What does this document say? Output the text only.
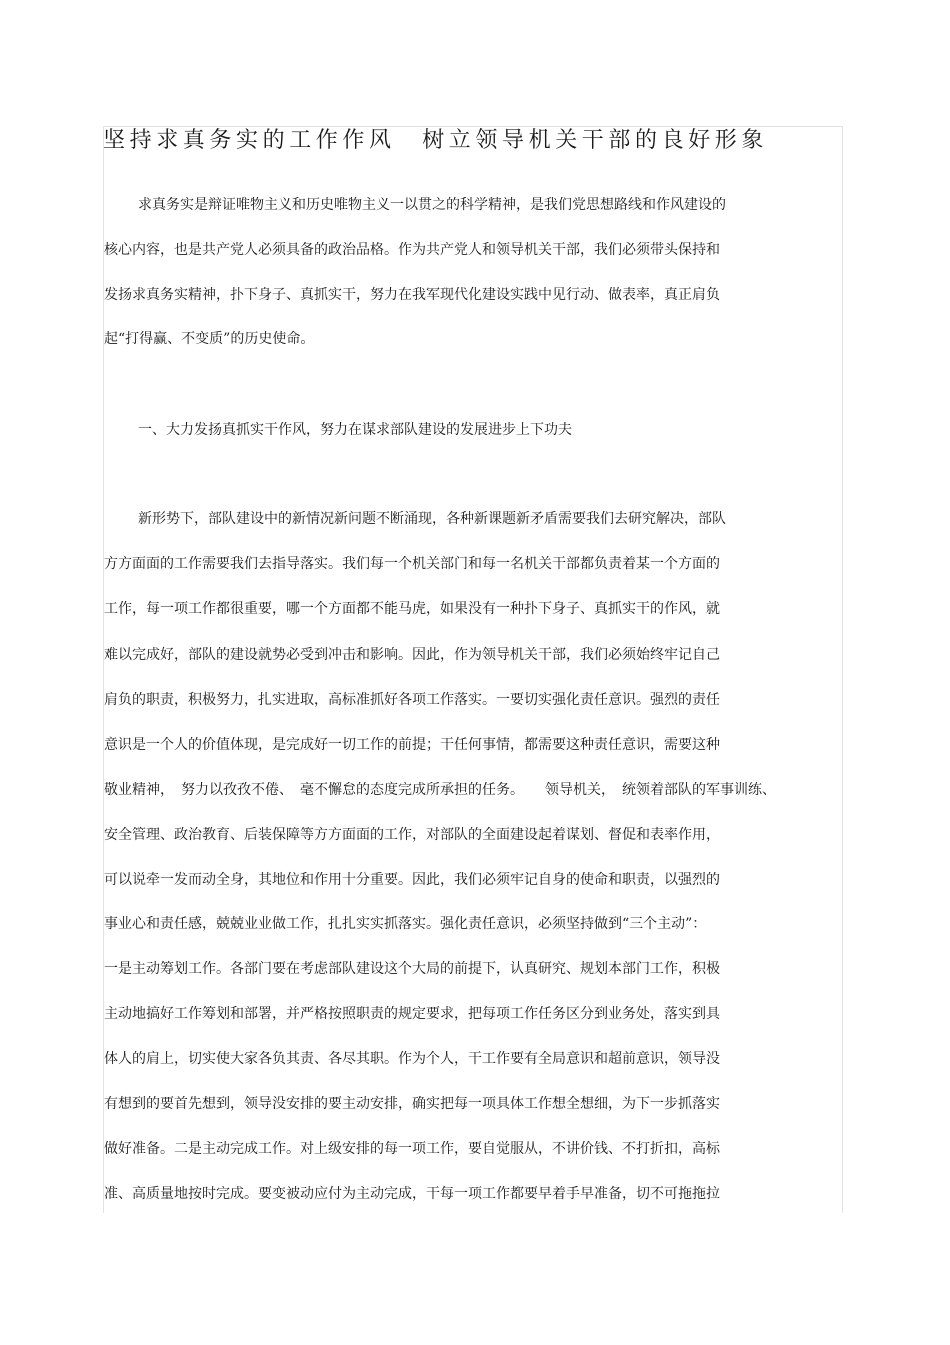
坚持求真务实的工作作风　树立领导机关干部的良好形象
求真务实是辩证唯物主义和历史唯物主义一以贯之的科学精神，是我们党思想路线和作风建设的
核心内容，也是共产党人必须具备的政治品格。作为共产党人和领导机关干部，我们必须带头保持和
发扬求真务实精神，扑下身子、真抓实干，努力在我军现代化建设实践中见行动、做表率，真正肩负
起“打得赢、不变质”的历史使命。
一、大力发扬真抓实干作风，努力在谋求部队建设的发展进步上下功夫
新形势下，部队建设中的新情况新问题不断涌现，各种新课题新矛盾需要我们去研究解决，部队
方方面面的工作需要我们去指导落实。我们每一个机关部门和每一名机关干部都负责着某一个方面的
工作，每一项工作都很重要，哪一个方面都不能马虎，如果没有一种扑下身子、真抓实干的作风，就
难以完成好，部队的建设就势必受到冲击和影响。因此，作为领导机关干部，我们必须始终牢记自己
肩负的职责，积极努力，扎实进取，高标准抓好各项工作落实。一要切实强化责任意识。强烈的责任
意识是一个人的价值体现，是完成好一切工作的前提；干任何事情，都需要这种责任意识，需要这种
敬业精神，　努力以孜孜不倦、　毫不懈怠的态度完成所承担的任务。　　领导机关，　统领着部队的军事训练、
安全管理、政治教育、后装保障等方方面面的工作，对部队的全面建设起着谋划、督促和表率作用，
可以说牵一发而动全身，其地位和作用十分重要。因此，我们必须牢记自身的使命和职责，以强烈的
事业心和责任感，兢兢业业做工作，扎扎实实抓落实。强化责任意识，必须坚持做到“三个主动”：
一是主动筹划工作。各部门要在考虑部队建设这个大局的前提下，认真研究、规划本部门工作，积极
主动地搞好工作筹划和部署，并严格按照职责的规定要求，把每项工作任务区分到业务处，落实到具
体人的肩上，切实使大家各负其责、各尽其职。作为个人，干工作要有全局意识和超前意识，领导没
有想到的要首先想到，领导没安排的要主动安排，确实把每一项具体工作想全想细，为下一步抓落实
做好准备。二是主动完成工作。对上级安排的每一项工作，要自觉服从，不讲价钱、不打折扣，高标
准、高质量地按时完成。要变被动应付为主动完成，干每一项工作都要早着手早准备，切不可拖拖拉
